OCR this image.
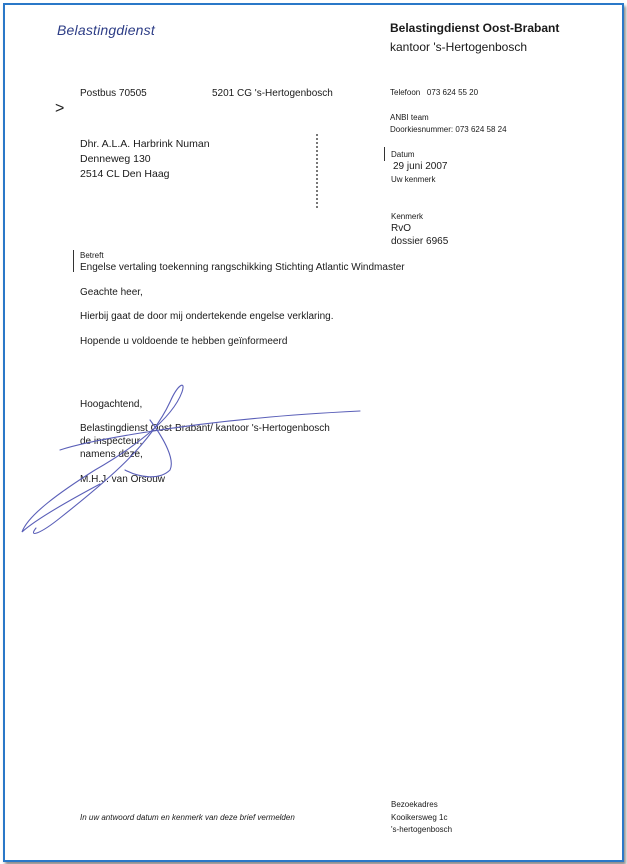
Belastingdienst	Belastingdienst Oost-Brabant
kantoor 's-Hertogenbosch
Postbus 70505	5201 CG 's-Hertogenbosch
>
Telefoon 073 624 55 20
ANBI team
Doorkiesnummer: 073 624 58 24
Dhr. A.L.A. Harbrink Numan
Denneweg 130
2514 CL Den Haag
Datum
29 juni 2007
Uw kenmerk
Kenmerk
RvO
dossier 6965
Betreft
Engelse vertaling toekenning rangschikking Stichting Atlantic Windmaster
Geachte heer,
Hierbij gaat de door mij ondertekende engelse verklaring.
Hopende u voldoende te hebben geïnformeerd
Hoogachtend,
Belastingdienst Oost-Brabant/ kantoor 's-Hertogenbosch
de inspecteur,
namens deze,
M.H.J. van Orsouw
In uw antwoord datum en kenmerk van deze brief vermelden
Bezoekadres
Kooikersweg 1c
's-hertogenbosch
